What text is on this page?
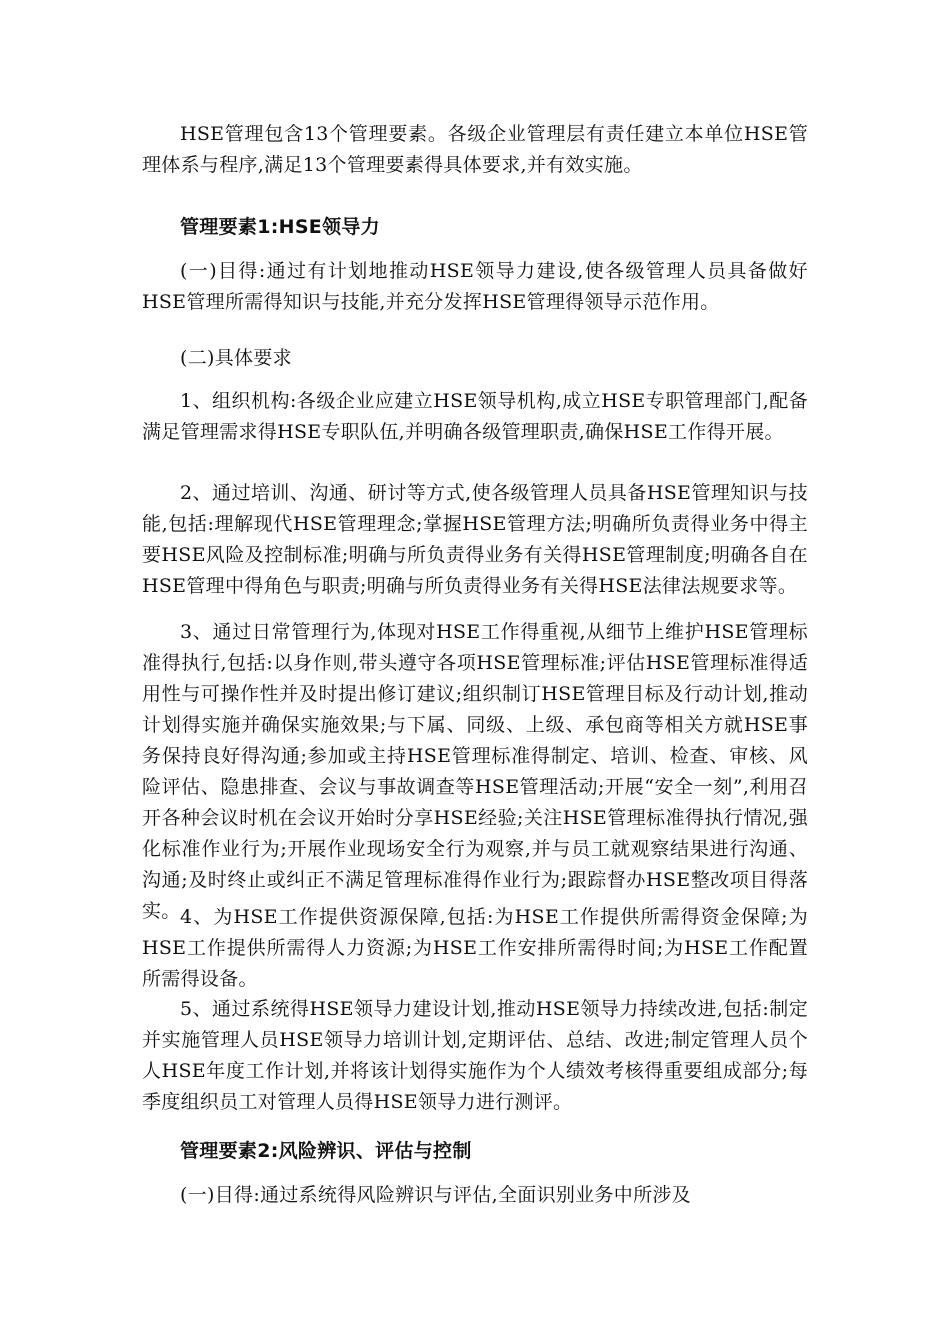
HSE管理包含13个管理要素。各级企业管理层有责任建立本单位HSE管理体系与程序,满足13个管理要素得具体要求,并有效实施。

管理要素1:HSE领导力

(一)目得:通过有计划地推动HSE领导力建设,使各级管理人员具备做好HSE管理所需得知识与技能,并充分发挥HSE管理得领导示范作用。

(二)具体要求

1、组织机构:各级企业应建立HSE领导机构,成立HSE专职管理部门,配备满足管理需求得HSE专职队伍,并明确各级管理职责,确保HSE工作得开展。

2、通过培训、沟通、研讨等方式,使各级管理人员具备HSE管理知识与技能,包括:理解现代HSE管理理念;掌握HSE管理方法;明确所负责得业务中得主要HSE风险及控制标准;明确与所负责得业务有关得HSE管理制度;明确各自在HSE管理中得角色与职责;明确与所负责得业务有关得HSE法律法规要求等。

3、通过日常管理行为,体现对HSE工作得重视,从细节上维护HSE管理标准得执行,包括:以身作则,带头遵守各项HSE管理标准;评估HSE管理标准得适用性与可操作性并及时提出修订建议;组织制订HSE管理目标及行动计划,推动计划得实施并确保实施效果;与下属、同级、上级、承包商等相关方就HSE事务保持良好得沟通;参加或主持HSE管理标准得制定、培训、检查、审核、风险评估、隐患排查、会议与事故调查等HSE管理活动;开展“安全一刻”,利用召开各种会议时机在会议开始时分享HSE经验;关注HSE管理标准得执行情况,强化标准作业行为;开展作业现场安全行为观察,并与员工就观察结果进行沟通、沟通;及时终止或纠正不满足管理标准得作业行为;跟踪督办HSE整改项目得落实。 4、为HSE工作提供资源保障,包括:为HSE工作提供所需得资金保障;为HSE工作提供所需得人力资源;为HSE工作安排所需得时间;为HSE工作配置所需得设备。

5、通过系统得HSE领导力建设计划,推动HSE领导力持续改进,包括:制定并实施管理人员HSE领导力培训计划,定期评估、总结、改进;制定管理人员个人HSE年度工作计划,并将该计划得实施作为个人绩效考核得重要组成部分;每季度组织员工对管理人员得HSE领导力进行测评。

管理要素2:风险辨识、评估与控制

(一)目得:通过系统得风险辨识与评估,全面识别业务中所涉及
